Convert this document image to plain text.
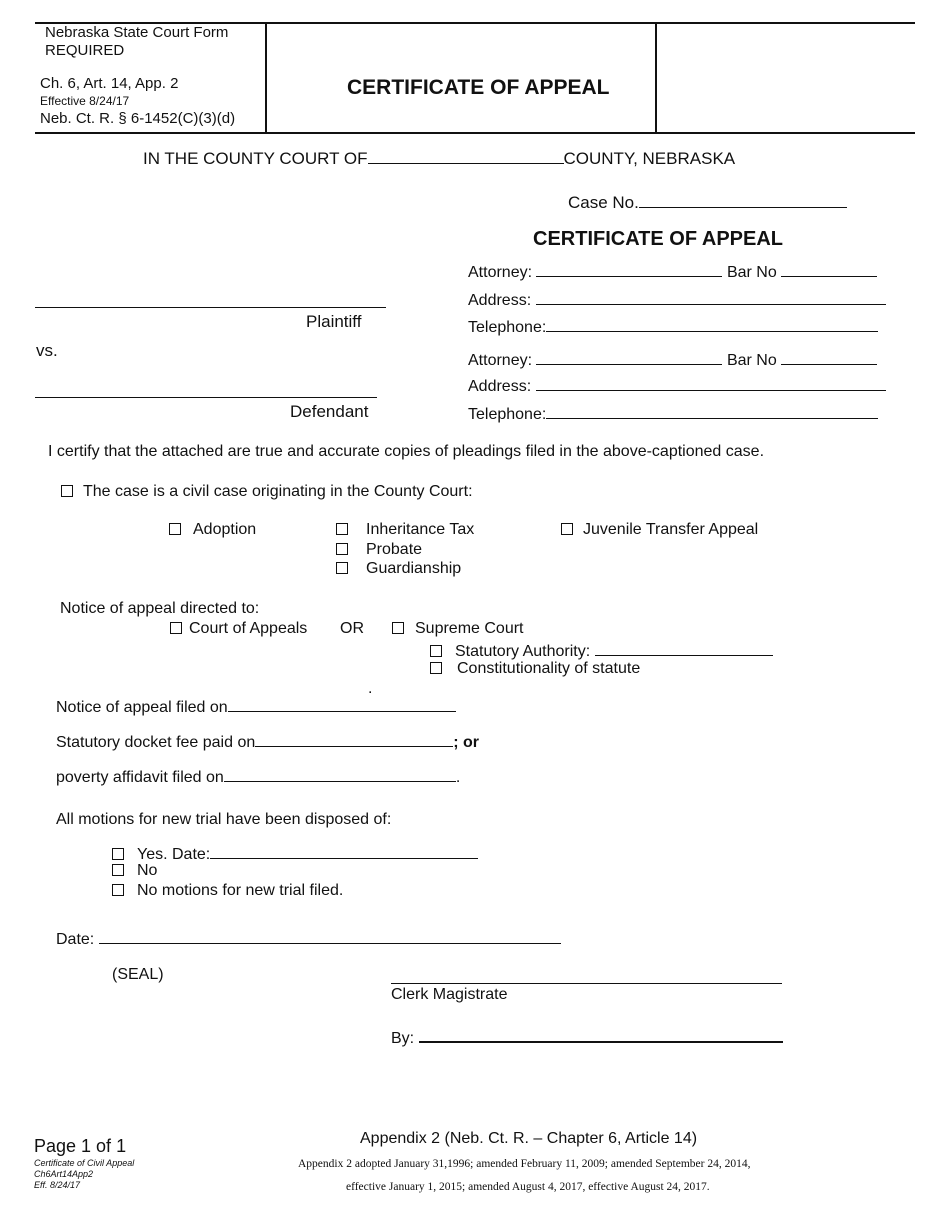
Nebraska State Court Form
REQUIRED
Ch. 6, Art. 14, App. 2
Effective 8/24/17
Neb. Ct. R. § 6-1452(C)(3)(d)
CERTIFICATE OF APPEAL
IN THE COUNTY COURT OF	COUNTY, NEBRASKA
Case No.
CERTIFICATE OF APPEAL
Attorney:	Bar No
Address:
Telephone:
Plaintiff
vs.
Attorney:	Bar No
Address:
Telephone:
Defendant
I certify that the attached are true and accurate copies of pleadings filed in the above-captioned case.
The case is a civil case originating in the County Court:
Adoption	Inheritance Tax
Probate
Guardianship
Juvenile Transfer Appeal
Notice of appeal directed to:
Court of Appeals OR	Supreme Court
Statutory Authority:
Constitutionality of statute
.
Notice of appeal filed on
Statutory docket fee paid on	; or
poverty affidavit filed on	.
All motions for new trial have been disposed of:
Yes. Date:
No
No motions for new trial filed.
Date:
(SEAL)
Clerk Magistrate
By:
Page 1 of 1
Certificate of Civil Appeal
Ch6Art14App2
Eff. 8/24/17
Appendix 2 (Neb. Ct. R. – Chapter 6, Article 14)
Appendix 2 adopted January 31,1996; amended February 11, 2009; amended September 24, 2014,
effective January 1, 2015; amended August 4, 2017, effective August 24, 2017.
